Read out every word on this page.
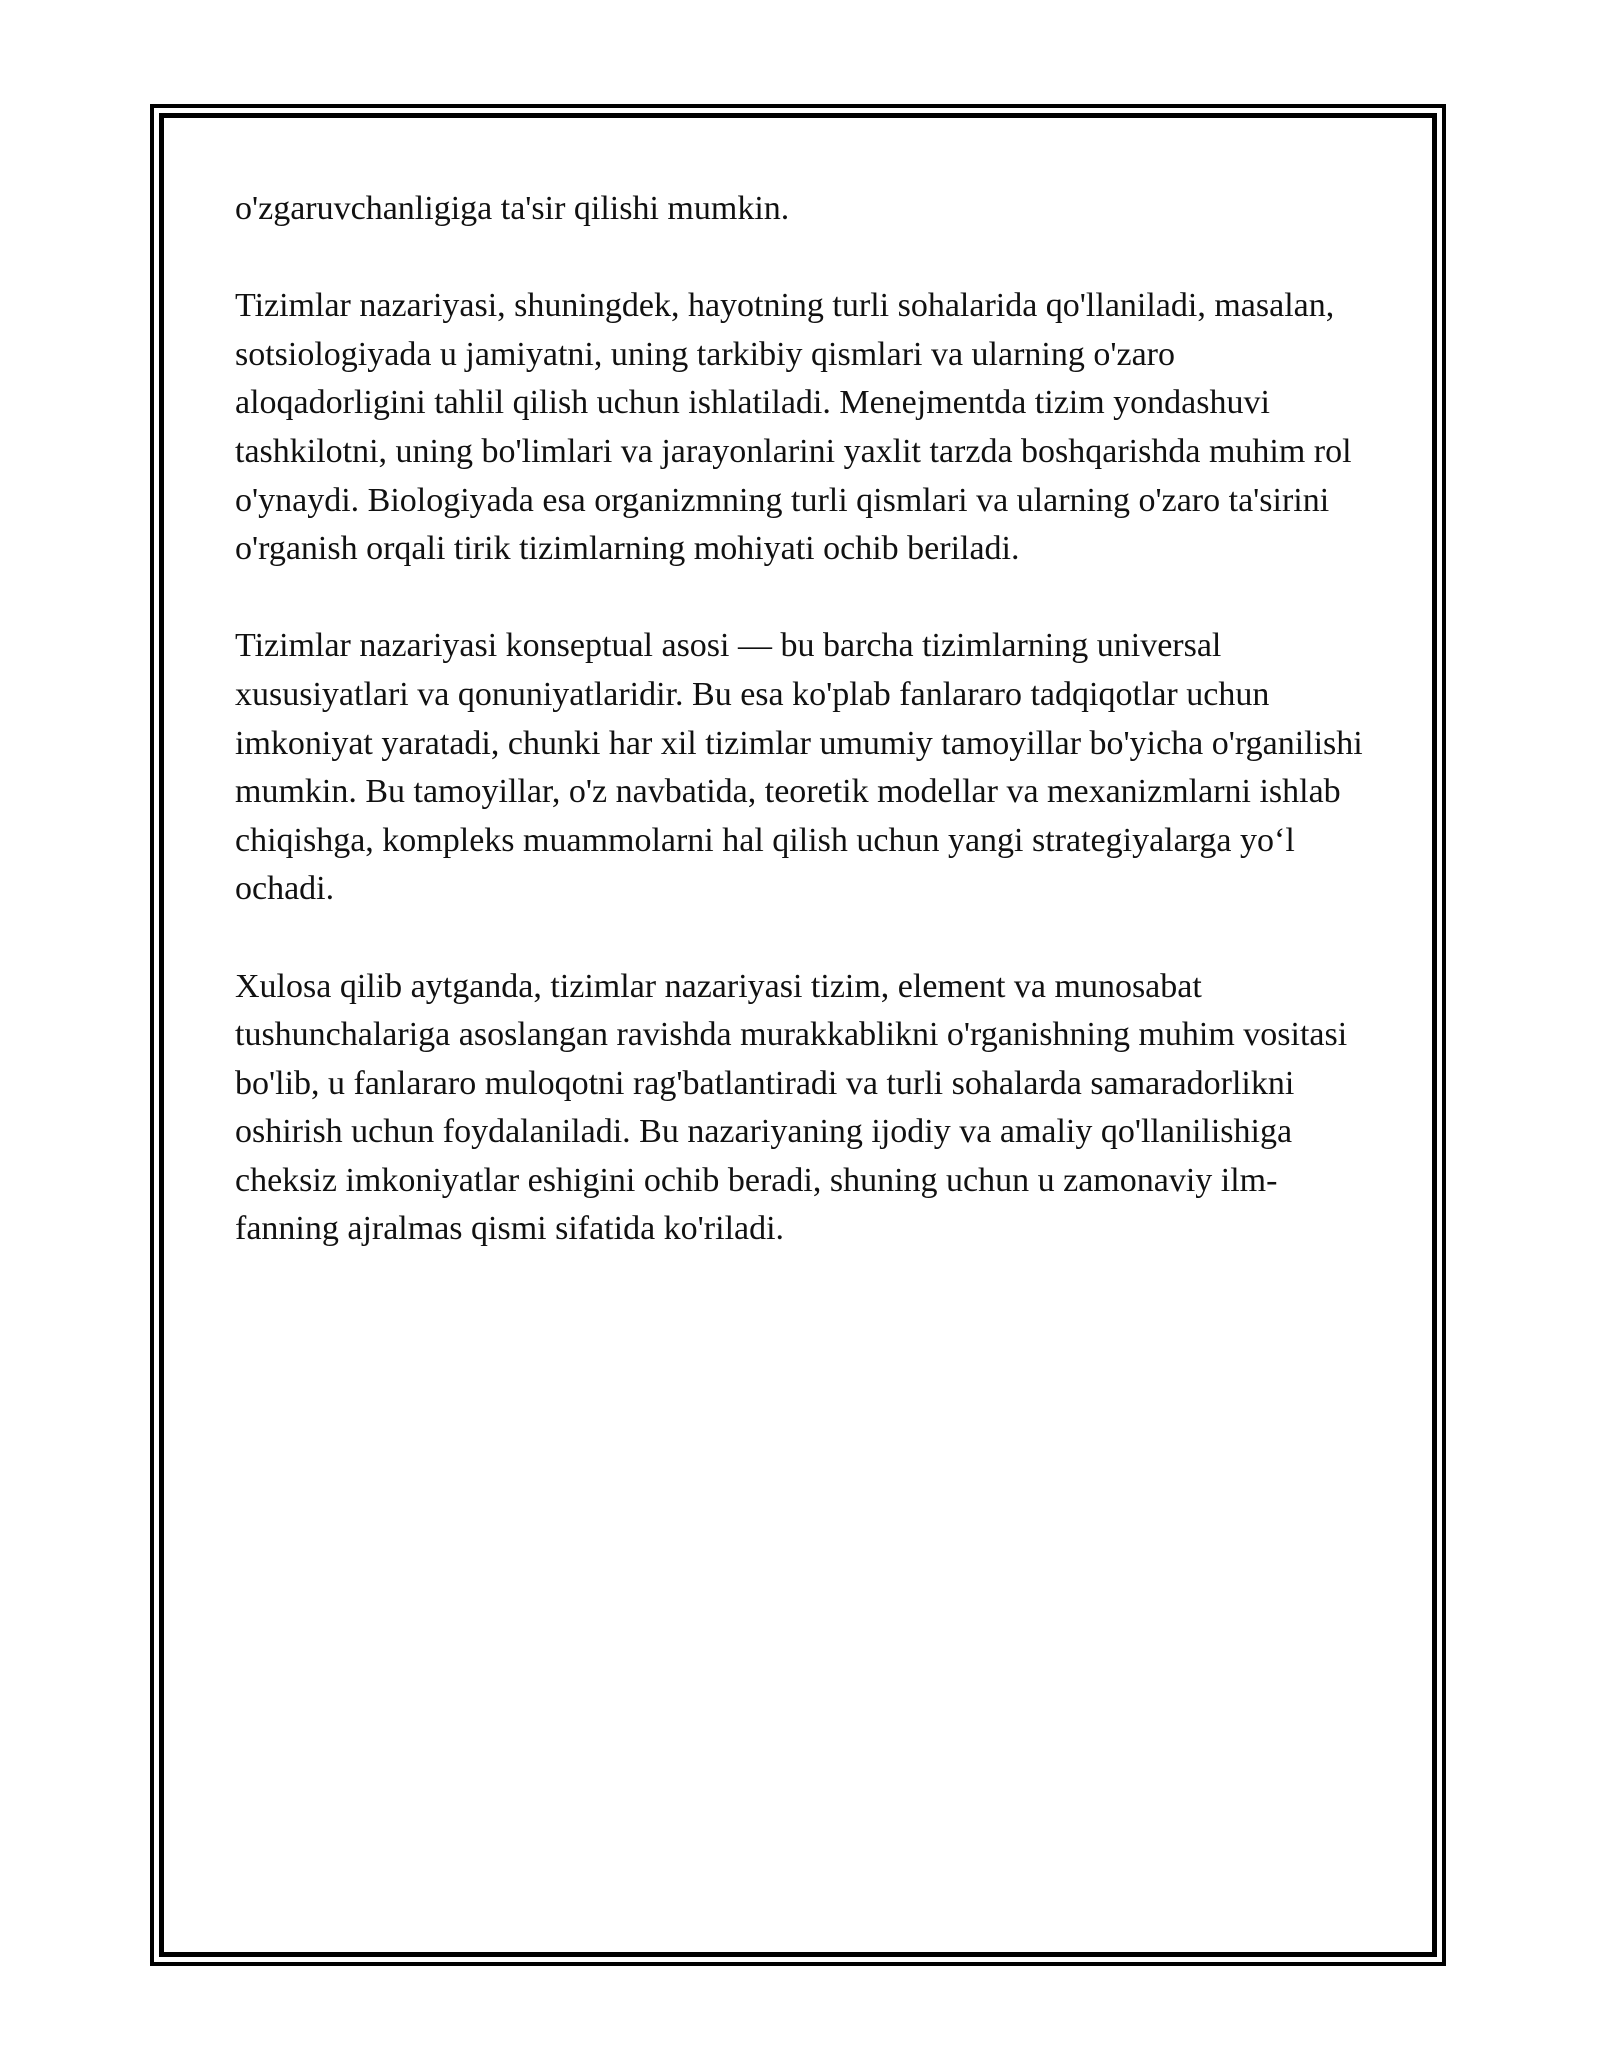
o'zgaruvchanligiga ta'sir qilishi mumkin.

Tizimlar nazariyasi, shuningdek, hayotning turli sohalarida qo'llaniladi, masalan, sotsiologiyada u jamiyatni, uning tarkibiy qismlari va ularning o'zaro aloqadorligini tahlil qilish uchun ishlatiladi. Menejmentda tizim yondashuvi tashkilotni, uning bo'limlari va jarayonlarini yaxlit tarzda boshqarishda muhim rol o'ynaydi. Biologiyada esa organizmning turli qismlari va ularning o'zaro ta'sirini o'rganish orqali tirik tizimlarning mohiyati ochib beriladi.

Tizimlar nazariyasi konseptual asosi — bu barcha tizimlarning universal xususiyatlari va qonuniyatlaridir. Bu esa ko'plab fanlararo tadqiqotlar uchun imkoniyat yaratadi, chunki har xil tizimlar umumiy tamoyillar bo'yicha o'rganilishi mumkin. Bu tamoyillar, o'z navbatida, teoretik modellar va mexanizmlarni ishlab chiqishga, kompleks muammolarni hal qilish uchun yangi strategiyalarga yo‘l ochadi.

Xulosa qilib aytganda, tizimlar nazariyasi tizim, element va munosabat tushunchalariga asoslangan ravishda murakkablikni o'rganishning muhim vositasi bo'lib, u fanlararo muloqotni rag'batlantiradi va turli sohalarda samaradorlikni oshirish uchun foydalaniladi. Bu nazariyaning ijodiy va amaliy qo'llanilishiga cheksiz imkoniyatlar eshigini ochib beradi, shuning uchun u zamonaviy ilm-fanning ajralmas qismi sifatida ko'riladi.
